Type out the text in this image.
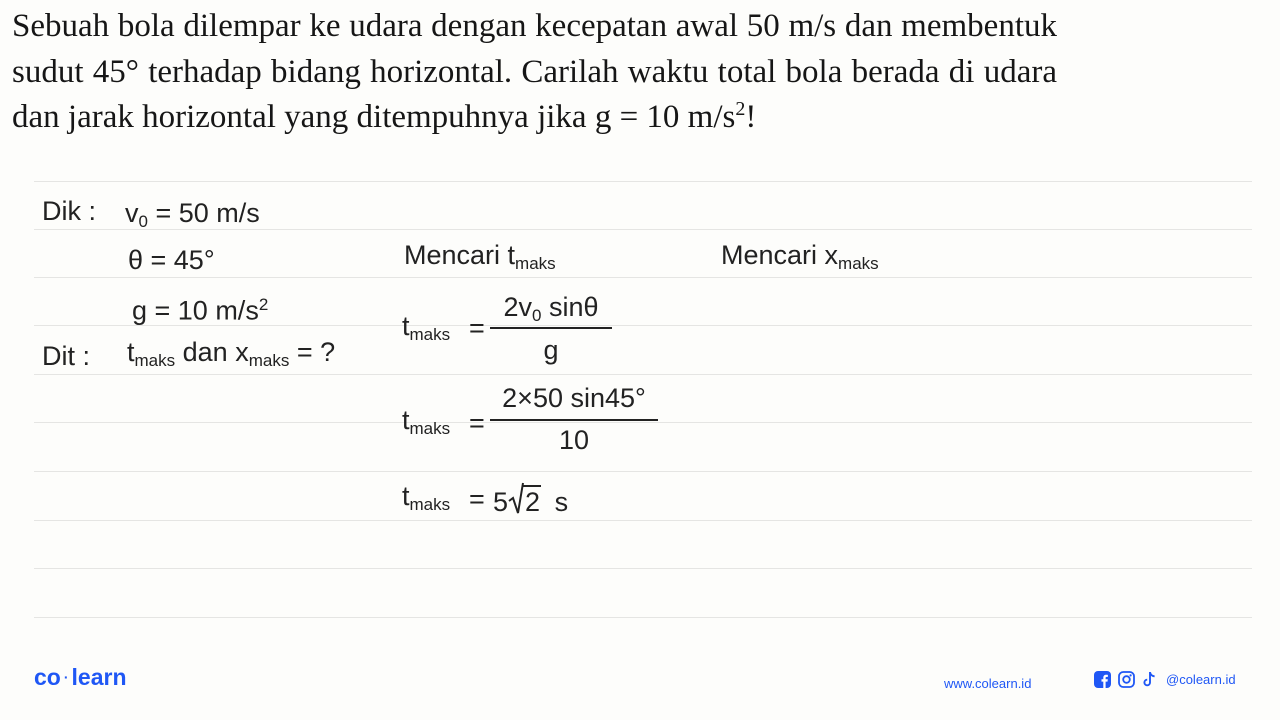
Sebuah bola dilempar ke udara dengan kecepatan awal 50 m/s dan membentuk sudut 45° terhadap bidang horizontal. Carilah waktu total bola berada di udara dan jarak horizontal yang ditempuhnya jika g = 10 $m/s^2$!

Dik : $v_0 = 50$ m/s
θ = 45°
g = 10 $m/s^2$
Dit : $t_{maks}$ dan $x_{maks}$ = ?
Mencari $t_{maks}$	Mencari $x_{maks}$
$t_{maks}$ =
$2v_0$ sinθ
g
$t_{maks}$ =
2×50 sin45°
10
$t_{maks} = 5$ 2 s
co · learn	www.colearn.id	@colearn.id
